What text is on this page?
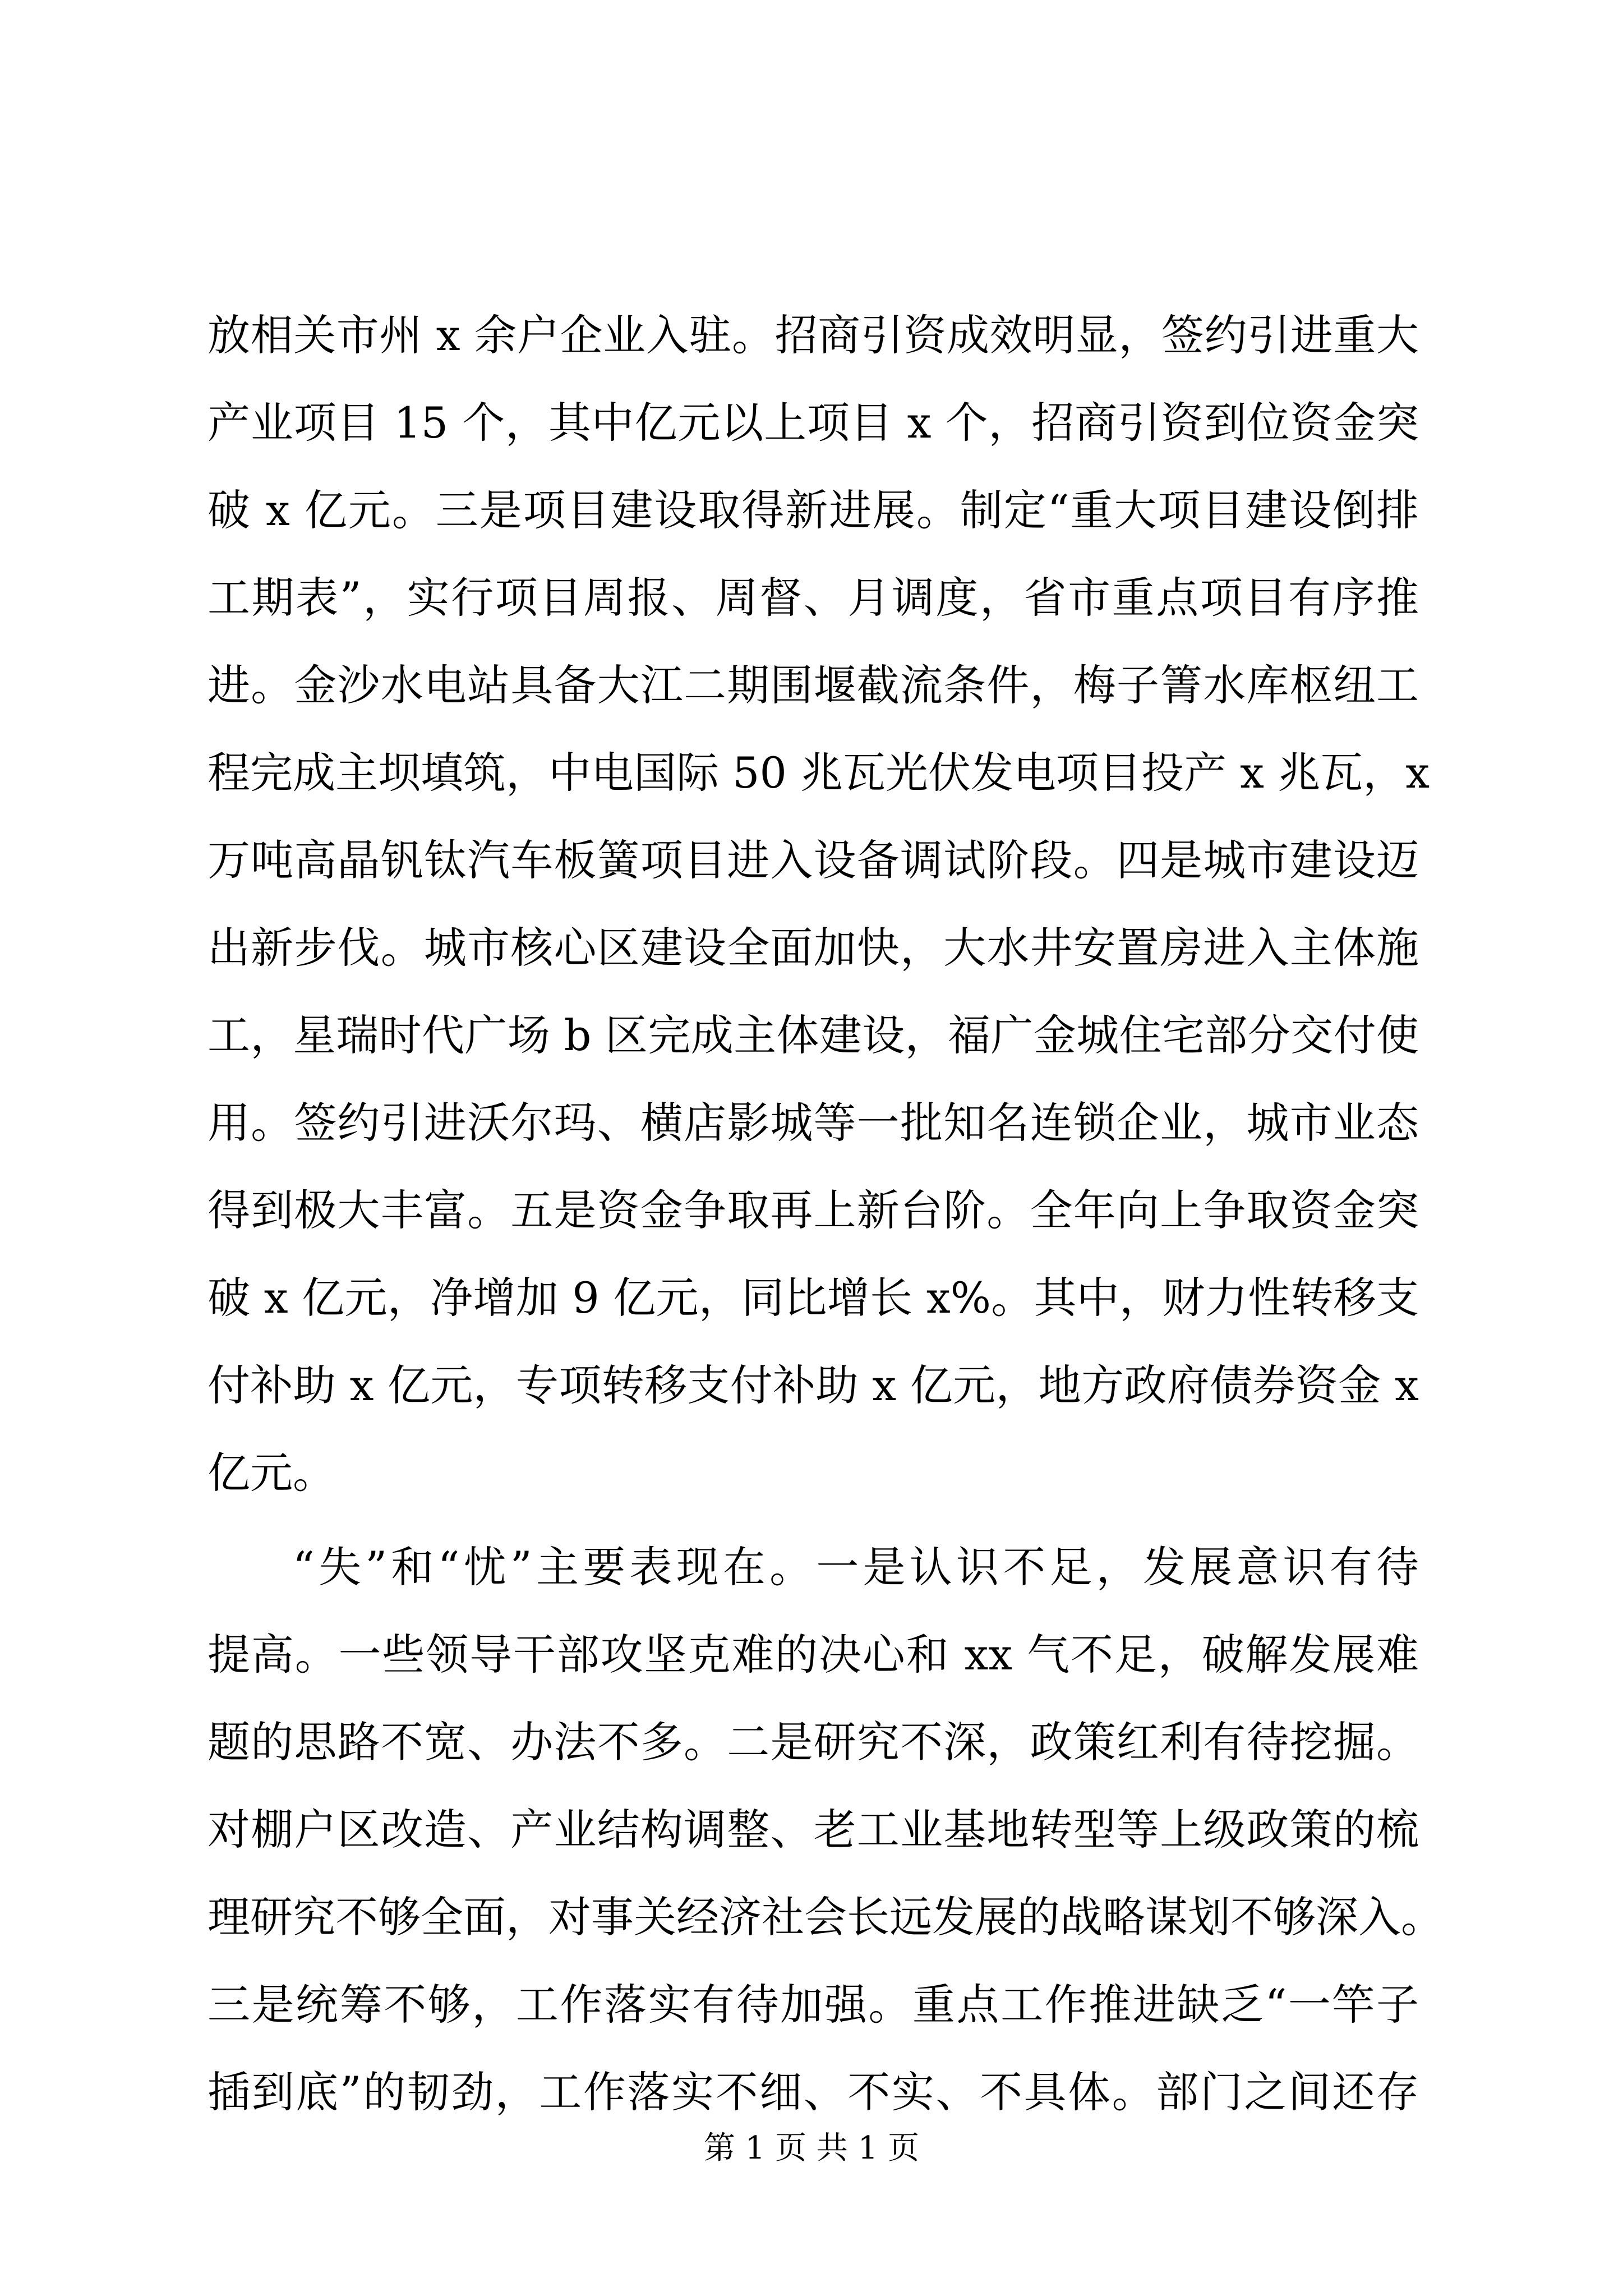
放相关市州 x 余户企业入驻。招商引资成效明显，签约引进重大
产业项目 15 个，其中亿元以上项目 x 个，招商引资到位资金突
破 x 亿元。三是项目建设取得新进展。制定“重大项目建设倒排
工期表”，实行项目周报、周督、月调度，省市重点项目有序推
进。金沙水电站具备大江二期围堰截流条件，梅子箐水库枢纽工
程完成主坝填筑，中电国际 50 兆瓦光伏发电项目投产 x 兆瓦，x
万吨高晶钒钛汽车板簧项目进入设备调试阶段。四是城市建设迈
出新步伐。城市核心区建设全面加快，大水井安置房进入主体施
工，星瑞时代广场 b 区完成主体建设，福广金城住宅部分交付使
用。签约引进沃尔玛、横店影城等一批知名连锁企业，城市业态
得到极大丰富。五是资金争取再上新台阶。全年向上争取资金突
破 x 亿元，净增加 9 亿元，同比增长 x%。其中，财力性转移支
付补助 x 亿元，专项转移支付补助 x 亿元，地方政府债券资金 x
亿元。
“失”和“忧”主要表现在。一是认识不足，发展意识有待
提高。一些领导干部攻坚克难的决心和 xx 气不足，破解发展难
题的思路不宽、办法不多。二是研究不深，政策红利有待挖掘。
对棚户区改造、产业结构调整、老工业基地转型等上级政策的梳
理研究不够全面，对事关经济社会长远发展的战略谋划不够深入。
三是统筹不够，工作落实有待加强。重点工作推进缺乏“一竿子
插到底”的韧劲，工作落实不细、不实、不具体。部门之间还存
第 1 页 共 1 页
